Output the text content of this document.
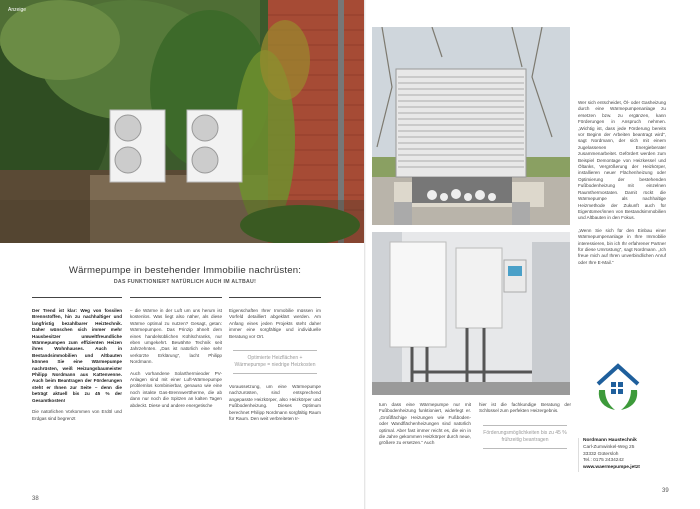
Anzeige
Wärmepumpe in bestehender Immobilie nachrüsten:
DAS FUNKTIONIERT NATÜRLICH AUCH IM ALTBAU!

Der Trend ist klar: Weg von fossilen Brennstoffen, hin zu nachhaltiger und langfristig bezahlbarer Heiztechnik. Daher wünschen sich immer mehr Hausbesitzer umweltfreundliche Wärmepumpen zum effizienten Heizen ihres Wohnhauses. Auch in Bestandsimmobilien und Altbauten können Sie eine Wärmepumpe nachrüsten, weiß Heizungsbaumeister Philipp Nordmann aus Kattenvenne. Auch beim Beantragen der Förderungen steht er Ihnen zur Seite – denn die beträgt aktuell bis zu 45 % der Gesamtkosten!

Die natürlichen Vorkommen von Erdöl und Erdgas sind begrenzt

– die Wärme in der Luft um uns herum ist kostenlos. Was liegt also näher, als diese Wärme optimal zu nutzen? Gesagt, getan: Wärmepumpen. Das Prinzip ähnelt dem eines handelsüblichen Kühlschranks, nur eben umgekehrt. Bewährte Technik seit Jahrzehnten. „Das ist natürlich eine sehr verkürzte Erklärung“, lacht Philipp Nordmann.

Auch vorhandene Solarthermieoder PV-Anlagen sind mit einer Luft-Wärmepumpe problemlos kombinierbar, genauso wie eine noch intakte Gas-Brennwerttherme, die ab dann nur noch die Spitzen an kalten Tagen abdeckt. Diese und andere energetische

Eigenschaften Ihrer Immobilie müssen im Vorfeld detailliert abgeklärt werden. Am Anfang eines jeden Projekts steht daher immer eine sorgfältige und individuelle Beratung vor Ort.

Optimierte Heizflächen + Wärmepumpe = niedrige Heizkosten

Voraussetzung, um eine Wärmepumpe nachzurüsten, sind entsprechend angepasste Heizkörper, also Heizkörper und Fußbodenheizung. Dieses Optimum berechnet Philipp Nordmann sorgfältig Raum für Raum. Den weit verbreiteten Ir-

38

Wer sich entscheidet, Öl- oder Gasheizung durch eine Wärmepumpenanlage zu ersetzen bzw. zu ergänzen, kann Förderungen in Anspruch nehmen. „Wichtig ist, dass jede Förderung bereits vor Beginn der Arbeiten beantragt wird“, sagt Nordmann, der sich mit einem zugelassenen Energieberater zusammenarbeitet. Gefördert werden zum Beispiel Demontage von Heizkessel und Öltanks, Vergrößerung der Heizkörper, installieren neuer Flächenheizung oder Optimierung der bestehenden Fußbodenheizung mit einzelnen Raumthermostaten. Damit rückt die Wärmepumpe als nachhaltige Heizmethode der Zukunft auch für Eigentümer/innen von Bestandsimmobilien und Altbauten in den Fokus.

„Wenn Sie sich für den Einbau einer Wärmepumpenanlage in Ihre Immobilie interessieren, bin ich Ihr erfahrener Partner für diese Umrüstung“, sagt Nordmann. „Ich freue mich auf Ihren unverbindlichen Anruf oder Ihre E-Mail.“

tum dass eine Wärmepumpe nur mit Fußbodenheizung funktioniert, widerlegt er. „Großflächige Heizungen wie Fußboden- oder Wandflächenheizungen sind natürlich optimal. Aber fast immer reicht es, die ein in die Jahre gekommen Heizkörper durch neue, größere zu ersetzen.“ Auch

hier ist die fachkundige Beratung der Schlüssel zum perfekten Heizergebnis.

Förderungsmöglichkeiten bis zu 45 % frühzeitig beantragen	Nordmann Haustechnik
Carl-Zumwinkel-Weg 25
33332 Gütersloh
Tel.: 0175 2434242
www.waermepumpe.jetzt
39
